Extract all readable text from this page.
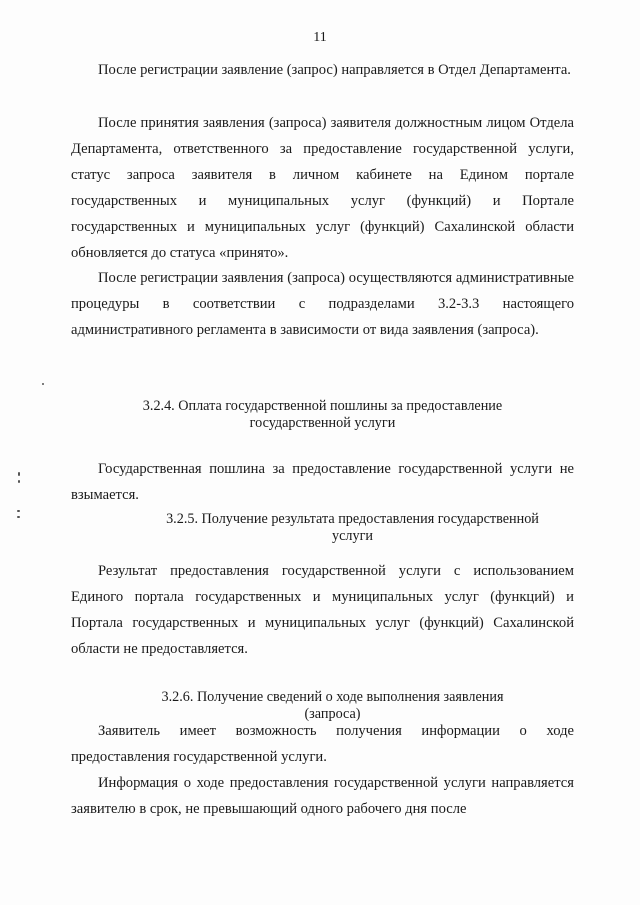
11

После регистрации заявление (запрос) направляется в Отдел Департамента.

После принятия заявления (запроса) заявителя должностным лицом Отдела Департамента, ответственного за предоставление государственной услуги, статус запроса заявителя в личном кабинете на Едином портале государственных и муниципальных услуг (функций) и Портале государственных и муниципальных услуг (функций) Сахалинской области обновляется до статуса «принято».

После регистрации заявления (запроса) осуществляются административные процедуры в соответствии с подразделами 3.2-3.3 настоящего административного регламента в зависимости от вида заявления (запроса).

3.2.4. Оплата государственной пошлины за предоставление
государственной услуги

Государственная пошлина за предоставление государственной услуги не взымается.

3.2.5. Получение результата предоставления государственной
услуги

Результат предоставления государственной услуги с использованием Единого портала государственных и муниципальных услуг (функций) и Портала государственных и муниципальных услуг (функций) Сахалинской области не предоставляется.

3.2.6. Получение сведений о ходе выполнения заявления
(запроса)

Заявитель имеет возможность получения информации о ходе предоставления государственной услуги.

Информация о ходе предоставления государственной услуги направляется заявителю в срок, не превышающий одного рабочего дня после
